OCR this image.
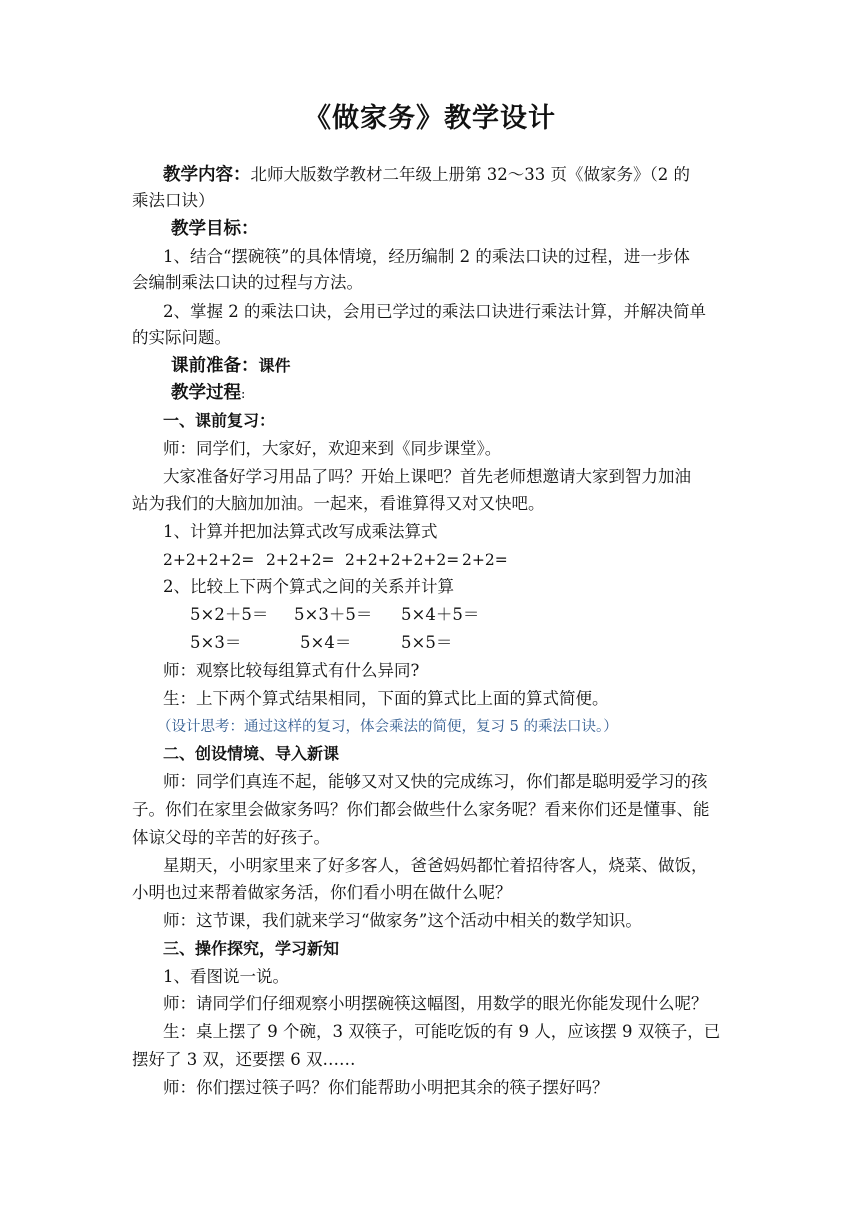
《做家务》教学设计
教学内容：北师大版数学教材二年级上册第 32～33 页《做家务》（2 的
乘法口诀）
教学目标：
1、结合“摆碗筷”的具体情境，经历编制 2 的乘法口诀的过程，进一步体
会编制乘法口诀的过程与方法。
2、掌握 2 的乘法口诀，会用已学过的乘法口诀进行乘法计算，并解决简单
的实际问题。
课前准备：课件
教学过程:
一、课前复习：
师：同学们，大家好，欢迎来到《同步课堂》。
大家准备好学习用品了吗？开始上课吧？首先老师想邀请大家到智力加油
站为我们的大脑加加油。一起来，看谁算得又对又快吧。
1、计算并把加法算式改写成乘法算式
2+2+2+2= 2+2+2= 2+2+2+2+2= 2+2=
2、比较上下两个算式之间的关系并计算
5×2＋5＝ 5×3＋5＝ 5×4＋5＝
5×3＝	5×4＝	5×5＝
师：观察比较每组算式有什么异同?
生：上下两个算式结果相同，下面的算式比上面的算式简便。
（设计思考：通过这样的复习，体会乘法的简便，复习 5 的乘法口诀。）
二、创设情境、导入新课
师：同学们真连不起，能够又对又快的完成练习，你们都是聪明爱学习的孩
子。你们在家里会做家务吗？你们都会做些什么家务呢？看来你们还是懂事、能
体谅父母的辛苦的好孩子。
星期天，小明家里来了好多客人，爸爸妈妈都忙着招待客人，烧菜、做饭，
小明也过来帮着做家务活，你们看小明在做什么呢？
师：这节课，我们就来学习“做家务”这个活动中相关的数学知识。
三、操作探究，学习新知
1、看图说一说。
师：请同学们仔细观察小明摆碗筷这幅图，用数学的眼光你能发现什么呢？
生：桌上摆了 9 个碗，3 双筷子，可能吃饭的有 9 人，应该摆 9 双筷子，已
摆好了 3 双，还要摆 6 双……
师：你们摆过筷子吗？你们能帮助小明把其余的筷子摆好吗？
